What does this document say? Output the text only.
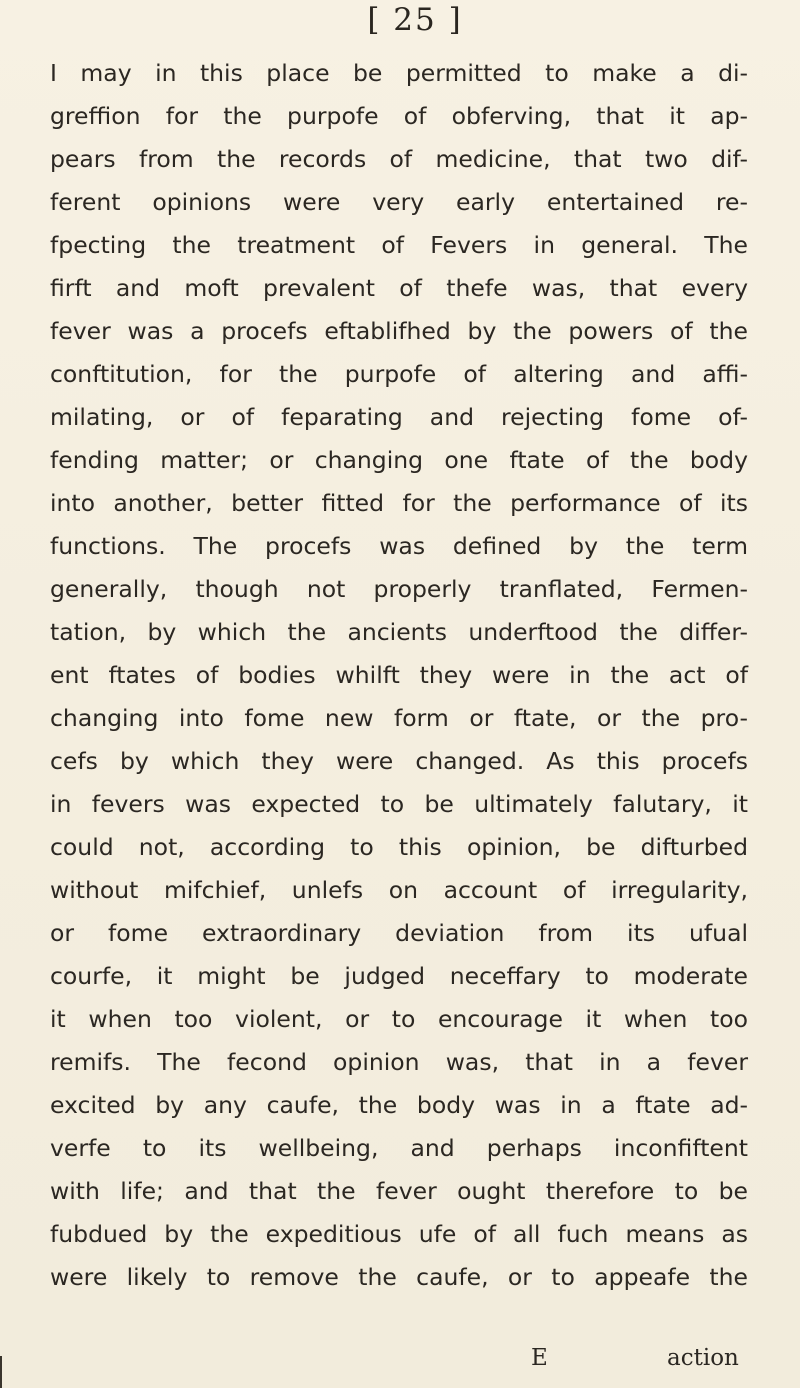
[ 25 ]
I may in this place be permitted to make a di-
greffion for the purpofe of obferving, that it ap-
pears from the records of medicine, that two dif-
ferent opinions were very early entertained re-
fpecting the treatment of Fevers in general. The
firft and moft prevalent of thefe was, that every
fever was a procefs eftablifhed by the powers of the
conftitution, for the purpofe of altering and affi-
milating, or of feparating and rejecting fome of-
fending matter; or changing one ftate of the body
into another, better fitted for the performance of its
functions. The procefs was defined by the term
generally, though not properly tranflated, Fermen-
tation, by which the ancients underftood the differ-
ent ftates of bodies whilft they were in the act of
changing into fome new form or ftate, or the pro-
cefs by which they were changed. As this procefs
in fevers was expected to be ultimately falutary, it
could not, according to this opinion, be difturbed
without mifchief, unlefs on account of irregularity,
or fome extraordinary deviation from its ufual
courfe, it might be judged neceffary to moderate
it when too violent, or to encourage it when too
remifs. The fecond opinion was, that in a fever
excited by any caufe, the body was in a ftate ad-
verfe to its wellbeing, and perhaps inconfiftent
with life; and that the fever ought therefore to be
fubdued by the expeditious ufe of all fuch means as
were likely to remove the caufe, or to appeafe the
E	action
